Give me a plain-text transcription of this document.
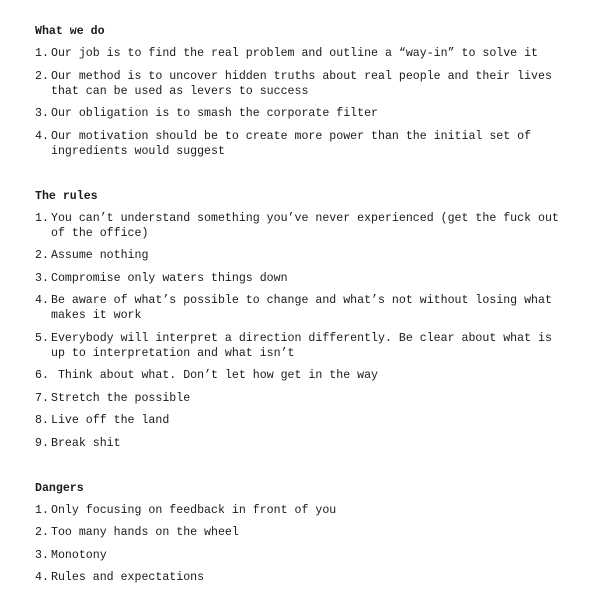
What we do
1. Our job is to find the real problem and outline a “way-in” to solve it
2. Our method is to uncover hidden truths about real people and their lives that can be used as levers to success
3. Our obligation is to smash the corporate filter
4. Our motivation should be to create more power than the initial set of ingredients would suggest
The rules
1. You can’t understand something you’ve never experienced (get the fuck out of the office)
2. Assume nothing
3. Compromise only waters things down
4. Be aware of what’s possible to change and what’s not without losing what makes it work
5. Everybody will interpret a direction differently. Be clear about what is up to interpretation and what isn’t
6. Think about what. Don’t let how get in the way
7. Stretch the possible
8. Live off the land
9. Break shit
Dangers
1. Only focusing on feedback in front of you
2. Too many hands on the wheel
3. Monotony
4. Rules and expectations
